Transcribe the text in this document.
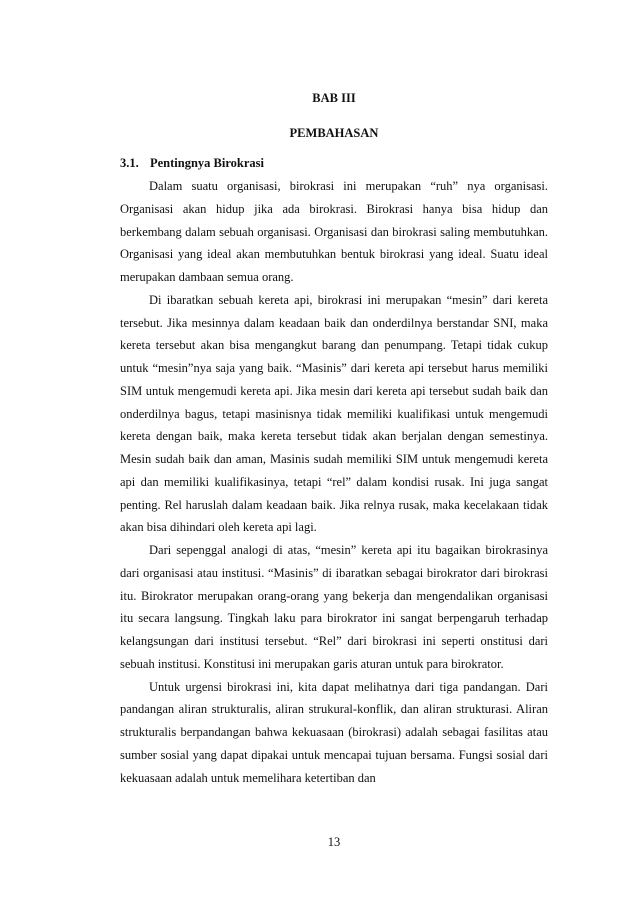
BAB III
PEMBAHASAN
3.1. Pentingnya Birokrasi

Dalam suatu organisasi, birokrasi ini merupakan “ruh” nya organisasi. Organisasi akan hidup jika ada birokrasi. Birokrasi hanya bisa hidup dan berkembang dalam sebuah organisasi. Organisasi dan birokrasi saling membutuhkan. Organisasi yang ideal akan membutuhkan bentuk birokrasi yang ideal. Suatu ideal merupakan dambaan semua orang.

Di ibaratkan sebuah kereta api, birokrasi ini merupakan “mesin” dari kereta tersebut. Jika mesinnya dalam keadaan baik dan onderdilnya berstandar SNI, maka kereta tersebut akan bisa mengangkut barang dan penumpang. Tetapi tidak cukup untuk “mesin”nya saja yang baik. “Masinis” dari kereta api tersebut harus memiliki SIM untuk mengemudi kereta api. Jika mesin dari kereta api tersebut sudah baik dan onderdilnya bagus, tetapi masinisnya tidak memiliki kualifikasi untuk mengemudi kereta dengan baik, maka kereta tersebut tidak akan berjalan dengan semestinya. Mesin sudah baik dan aman, Masinis sudah memiliki SIM untuk mengemudi kereta api dan memiliki kualifikasinya, tetapi “rel” dalam kondisi rusak. Ini juga sangat penting. Rel haruslah dalam keadaan baik. Jika relnya rusak, maka kecelakaan tidak akan bisa dihindari oleh kereta api lagi.

Dari sepenggal analogi di atas, “mesin” kereta api itu bagaikan birokrasinya dari organisasi atau institusi. “Masinis” di ibaratkan sebagai birokrator dari birokrasi itu. Birokrator merupakan orang-orang yang bekerja dan mengendalikan organisasi itu secara langsung. Tingkah laku para birokrator ini sangat berpengaruh terhadap kelangsungan dari institusi tersebut. “Rel” dari birokrasi ini seperti onstitusi dari sebuah institusi. Konstitusi ini merupakan garis aturan untuk para birokrator.

Untuk urgensi birokrasi ini, kita dapat melihatnya dari tiga pandangan. Dari pandangan aliran strukturalis, aliran strukural-konflik, dan aliran strukturasi. Aliran strukturalis berpandangan bahwa kekuasaan (birokrasi) adalah sebagai fasilitas atau sumber sosial yang dapat dipakai untuk mencapai tujuan bersama. Fungsi sosial dari kekuasaan adalah untuk memelihara ketertiban dan

13
